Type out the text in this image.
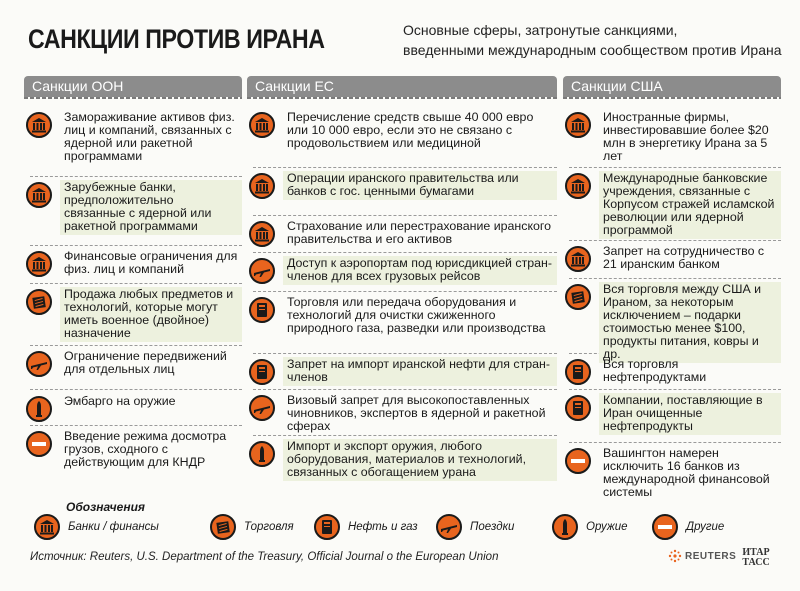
САНКЦИИ ПРОТИВ ИРАНА	Основные сферы, затронутые санкциями,
введенными международным сообществом против Ирана
Санкции ООН
Замораживание активов физ. лиц и компаний, связанных с ядерной или ракетной программами
Зарубежные банки, предположительно связанные с ядерной или ракетной программами
Финансовые ограничения для физ. лиц и компаний
Продажа любых предметов и технологий, которые могут иметь военное (двойное) назначение
Ограничение передвижений для отдельных лиц
Эмбарго на оружие
Введение режима досмотра грузов, сходного с действующим для КНДР
Санкции ЕС
Перечисление средств свыше 40 000 евро или 10 000 евро, если это не связано с продовольствием или медициной
Операции иранского правительства или банков с гос. ценными бумагами
Страхование или перестрахование иранского правительства и его активов
Доступ к аэропортам под юрисдикцией стран-членов для всех грузовых рейсов
Торговля или передача оборудования и технологий для очистки сжиженного природного газа, разведки или производства
Запрет на импорт иранской нефти для стран-членов
Визовый запрет для высокопоставленных чиновников, экспертов в ядерной и ракетной сферах
Импорт и экспорт оружия, любого оборудования, материалов и технологий, связанных с обогащением урана
Санкции США
Иностранные фирмы, инвестировавшие более $20 млн в энергетику Ирана за 5 лет
Международные банковские учреждения, связанные с Корпусом стражей исламской революции или ядерной программой
Запрет на сотрудничество с 21 иранским банком
Вся торговля между США и Ираном, за некоторым исключением – подарки стоимостью менее $100, продукты питания, ковры и др.
Вся торговля нефтепродуктами
Компании, поставляющие в Иран очищенные нефтепродукты
Вашингтон намерен исключить 16 банков из международной финансовой системы
Обозначения
Банки / финансы	Торговля	Нефть и газ	Поездки	Оружие	Другие
Источник: Reuters, U.S. Department of the Treasury, Official Journal o the European Union	REUTERS ИТАР
ТАСС
